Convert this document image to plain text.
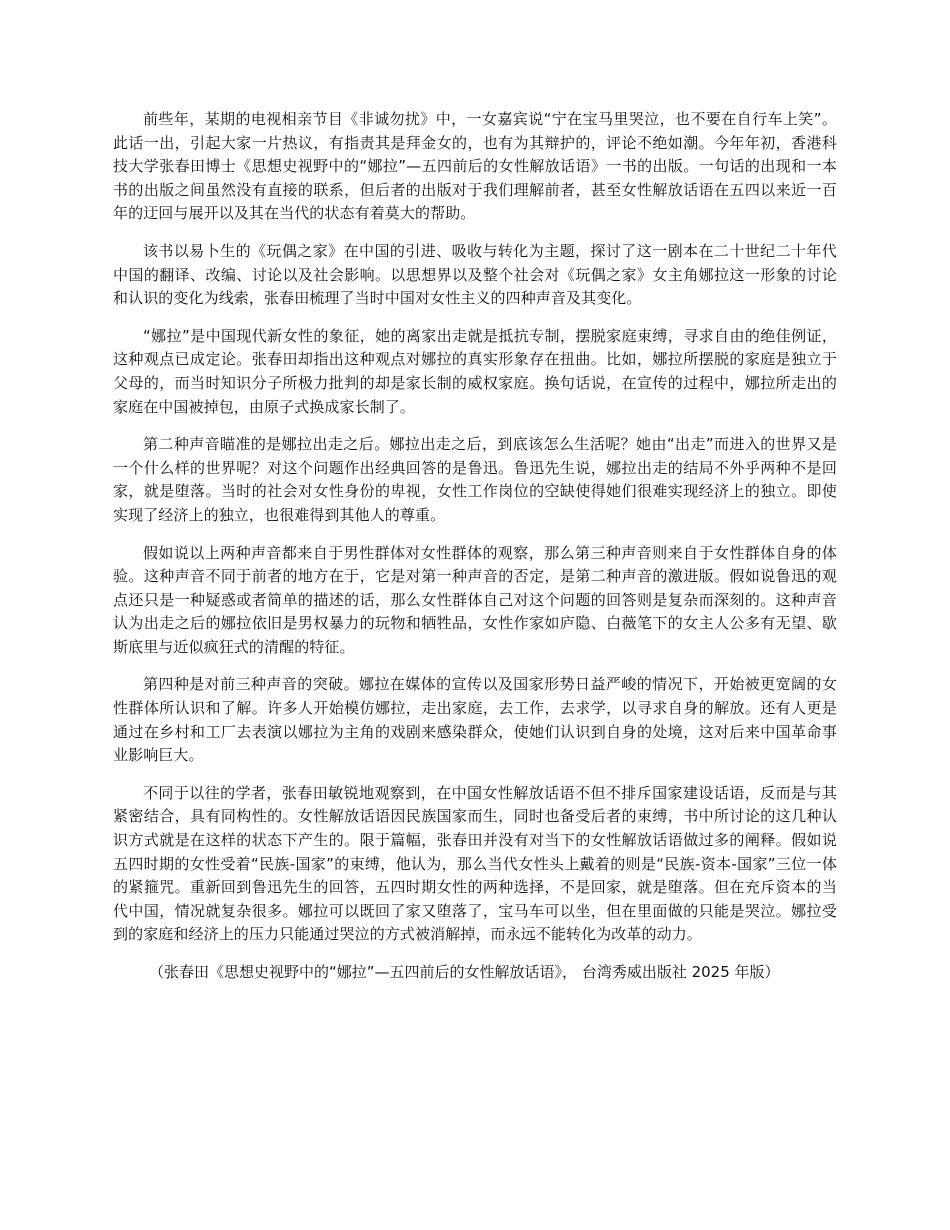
前些年，某期的电视相亲节目《非诚勿扰》中，一女嘉宾说“宁在宝马里哭泣，也不要在自行车上笑”。此话一出，引起大家一片热议，有指责其是拜金女的，也有为其辩护的，评论不绝如潮。今年年初，香港科技大学张春田博士《思想史视野中的“娜拉”—五四前后的女性解放话语》一书的出版。一句话的出现和一本书的出版之间虽然没有直接的联系，但后者的出版对于我们理解前者，甚至女性解放话语在五四以来近一百年的迂回与展开以及其在当代的状态有着莫大的帮助。

该书以易卜生的《玩偶之家》在中国的引进、吸收与转化为主题，探讨了这一剧本在二十世纪二十年代中国的翻译、改编、讨论以及社会影响。以思想界以及整个社会对《玩偶之家》女主角娜拉这一形象的讨论和认识的变化为线索，张春田梳理了当时中国对女性主义的四种声音及其变化。

“娜拉”是中国现代新女性的象征，她的离家出走就是抵抗专制，摆脱家庭束缚，寻求自由的绝佳例证，这种观点已成定论。张春田却指出这种观点对娜拉的真实形象存在扭曲。比如，娜拉所摆脱的家庭是独立于父母的，而当时知识分子所极力批判的却是家长制的威权家庭。换句话说，在宣传的过程中，娜拉所走出的家庭在中国被掉包，由原子式换成家长制了。

第二种声音瞄准的是娜拉出走之后。娜拉出走之后，到底该怎么生活呢？她由“出走”而进入的世界又是一个什么样的世界呢？对这个问题作出经典回答的是鲁迅。鲁迅先生说，娜拉出走的结局不外乎两种不是回家，就是堕落。当时的社会对女性身份的卑视，女性工作岗位的空缺使得她们很难实现经济上的独立。即使实现了经济上的独立，也很难得到其他人的尊重。

假如说以上两种声音都来自于男性群体对女性群体的观察，那么第三种声音则来自于女性群体自身的体验。这种声音不同于前者的地方在于，它是对第一种声音的否定，是第二种声音的激进版。假如说鲁迅的观点还只是一种疑惑或者简单的描述的话，那么女性群体自己对这个问题的回答则是复杂而深刻的。这种声音认为出走之后的娜拉依旧是男权暴力的玩物和牺牲品，女性作家如庐隐、白薇笔下的女主人公多有无望、歇斯底里与近似疯狂式的清醒的特征。

第四种是对前三种声音的突破。娜拉在媒体的宣传以及国家形势日益严峻的情况下，开始被更宽阔的女性群体所认识和了解。许多人开始模仿娜拉，走出家庭，去工作，去求学，以寻求自身的解放。还有人更是通过在乡村和工厂去表演以娜拉为主角的戏剧来感染群众，使她们认识到自身的处境，这对后来中国革命事业影响巨大。

不同于以往的学者，张春田敏锐地观察到，在中国女性解放话语不但不排斥国家建设话语，反而是与其紧密结合，具有同构性的。女性解放话语因民族国家而生，同时也备受后者的束缚，书中所讨论的这几种认识方式就是在这样的状态下产生的。限于篇幅，张春田并没有对当下的女性解放话语做过多的阐释。假如说五四时期的女性受着“民族-国家”的束缚，他认为，那么当代女性头上戴着的则是“民族-资本-国家”三位一体的紧箍咒。重新回到鲁迅先生的回答，五四时期女性的两种选择，不是回家，就是堕落。但在充斥资本的当代中国，情况就复杂很多。娜拉可以既回了家又堕落了，宝马车可以坐，但在里面做的只能是哭泣。娜拉受到的家庭和经济上的压力只能通过哭泣的方式被消解掉，而永远不能转化为改革的动力。

（张春田《思想史视野中的“娜拉”—五四前后的女性解放话语》， 台湾秀威出版社 2025 年版）
